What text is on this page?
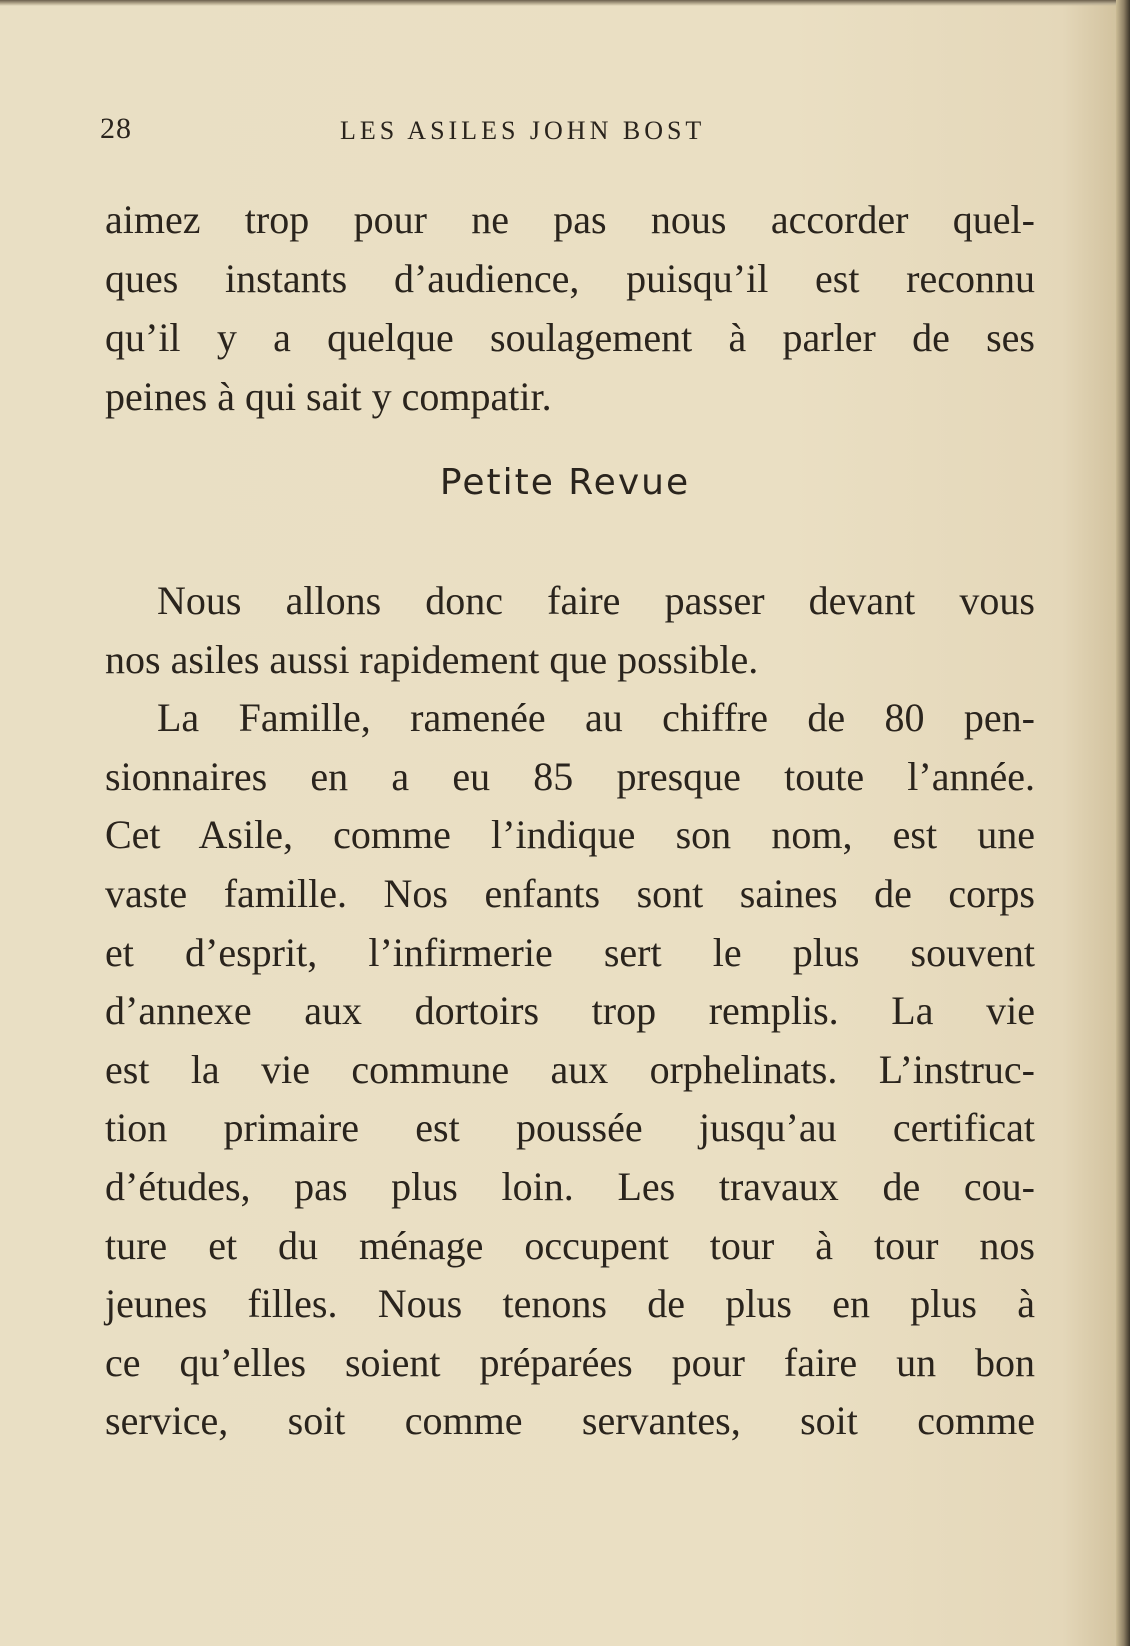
28	LES ASILES JOHN BOST
aimez trop pour ne pas nous accorder quel-
ques instants d’audience, puisqu’il est reconnu
qu’il y a quelque soulagement à parler de ses
peines à qui sait y compatir.
Petite Revue
Nous allons donc faire passer devant vous
nos asiles aussi rapidement que possible.
La Famille, ramenée au chiffre de 80 pen-
sionnaires en a eu 85 presque toute l’année.
Cet Asile, comme l’indique son nom, est une
vaste famille. Nos enfants sont saines de corps
et d’esprit, l’infirmerie sert le plus souvent
d’annexe aux dortoirs trop remplis. La vie
est la vie commune aux orphelinats. L’instruc-
tion primaire est poussée jusqu’au certificat
d’études, pas plus loin. Les travaux de cou-
ture et du ménage occupent tour à tour nos
jeunes filles. Nous tenons de plus en plus à
ce qu’elles soient préparées pour faire un bon
service, soit comme servantes, soit comme
